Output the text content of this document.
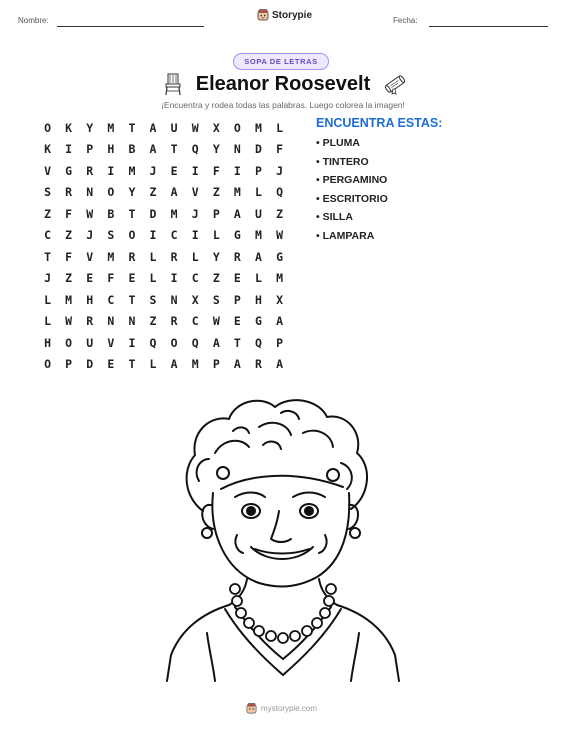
Nombre:	Storypie	Fecha:
SOPA DE LETRAS
Eleanor Roosevelt
¡Encuentra y rodea todas las palabras. Luego colorea la imagen!
O	K	Y	M	T	A	U	W	X	O	M	L
K	I	P	H	B	A	T	Q	Y	N	D	F
V	G	R	I	M	J	E	I	F	I	P	J
S	R	N	O	Y	Z	A	V	Z	M	L	Q
Z	F	W	B	T	D	M	J	P	A	U	Z
C	Z	J	S	O	I	C	I	L	G	M	W
T	F	V	M	R	L	R	L	Y	R	A	G
J	Z	E	F	E	L	I	C	Z	E	L	M
L	M	H	C	T	S	N	X	S	P	H	X
L	W	R	N	N	Z	R	C	W	E	G	A
H	O	U	V	I	Q	O	Q	A	T	Q	P
O	P	D	E	T	L	A	M	P	A	R	A
ENCUENTRA ESTAS:
• PLUMA
• TINTERO
• PERGAMINO
• ESCRITORIO
• SILLA
• LAMPARA
mystorypie.com
